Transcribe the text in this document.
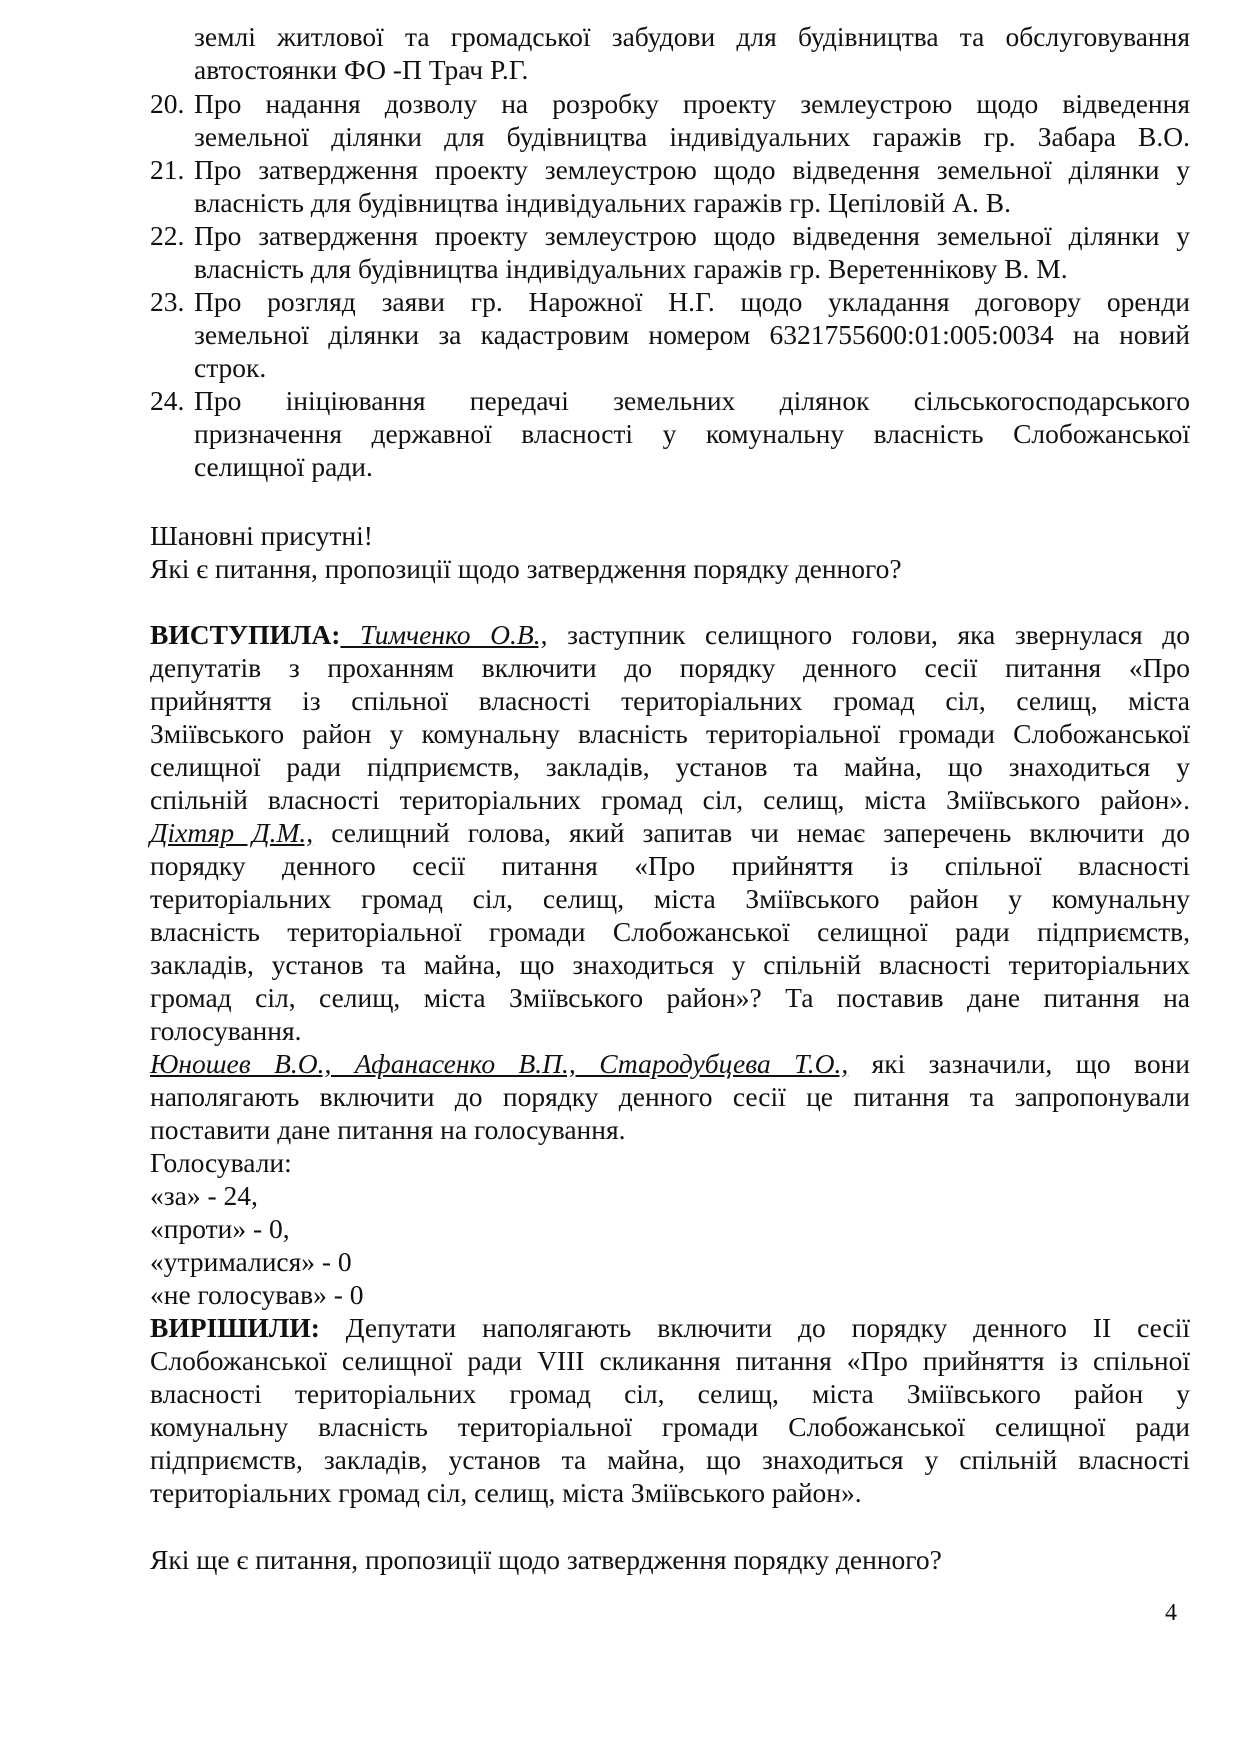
землі житлової та громадської забудови для будівництва та обслуговування
автостоянки ФО -П Трач Р.Г.
20. Про надання дозволу на розробку проекту землеустрою щодо відведення
земельної ділянки для будівництва індивідуальних гаражів гр. Забара В.О.
21. Про затвердження проекту землеустрою щодо відведення земельної ділянки у
власність для будівництва індивідуальних гаражів гр. Цепіловій А. В.
22. Про затвердження проекту землеустрою щодо відведення земельної ділянки у
власність для будівництва індивідуальних гаражів гр. Веретеннікову В. М.
23. Про розгляд заяви гр. Нарожної Н.Г. щодо укладання договору оренди
земельної ділянки за кадастровим номером 6321755600:01:005:0034 на новий
строк.
24. Про ініціювання передачі земельних ділянок сільськогосподарського
призначення державної власності у комунальну власність Слобожанської
селищної ради.
Шановні присутні!
Які є питання, пропозиції щодо затвердження порядку денного?
ВИСТУПИЛА: Тимченко О.В., заступник селищного голови, яка звернулася до
депутатів з проханням включити до порядку денного сесії питання «Про
прийняття із спільної власності територіальних громад сіл, селищ, міста
Зміївського район у комунальну власність територіальної громади Слобожанської
селищної ради підприємств, закладів, установ та майна, що знаходиться у
спільній власності територіальних громад сіл, селищ, міста Зміївського район».
Діхтяр Д.М., селищний голова, який запитав чи немає заперечень включити до
порядку денного сесії питання «Про прийняття із спільної власності
територіальних громад сіл, селищ, міста Зміївського район у комунальну
власність територіальної громади Слобожанської селищної ради підприємств,
закладів, установ та майна, що знаходиться у спільній власності територіальних
громад сіл, селищ, міста Зміївського район»? Та поставив дане питання на
голосування.
Юношев В.О., Афанасенко В.П., Стародубцева Т.О., які зазначили, що вони
наполягають включити до порядку денного сесії це питання та запропонували
поставити дане питання на голосування.
Голосували:
«за» - 24,
«проти» - 0,
«утрималися» - 0
«не голосував» - 0
ВИРІШИЛИ: Депутати наполягають включити до порядку денного II сесії
Слобожанської селищної ради VIII скликання питання «Про прийняття із спільної
власності територіальних громад сіл, селищ, міста Зміївського район у
комунальну власність територіальної громади Слобожанської селищної ради
підприємств, закладів, установ та майна, що знаходиться у спільній власності
територіальних громад сіл, селищ, міста Зміївського район».
Які ще є питання, пропозиції щодо затвердження порядку денного?
4
